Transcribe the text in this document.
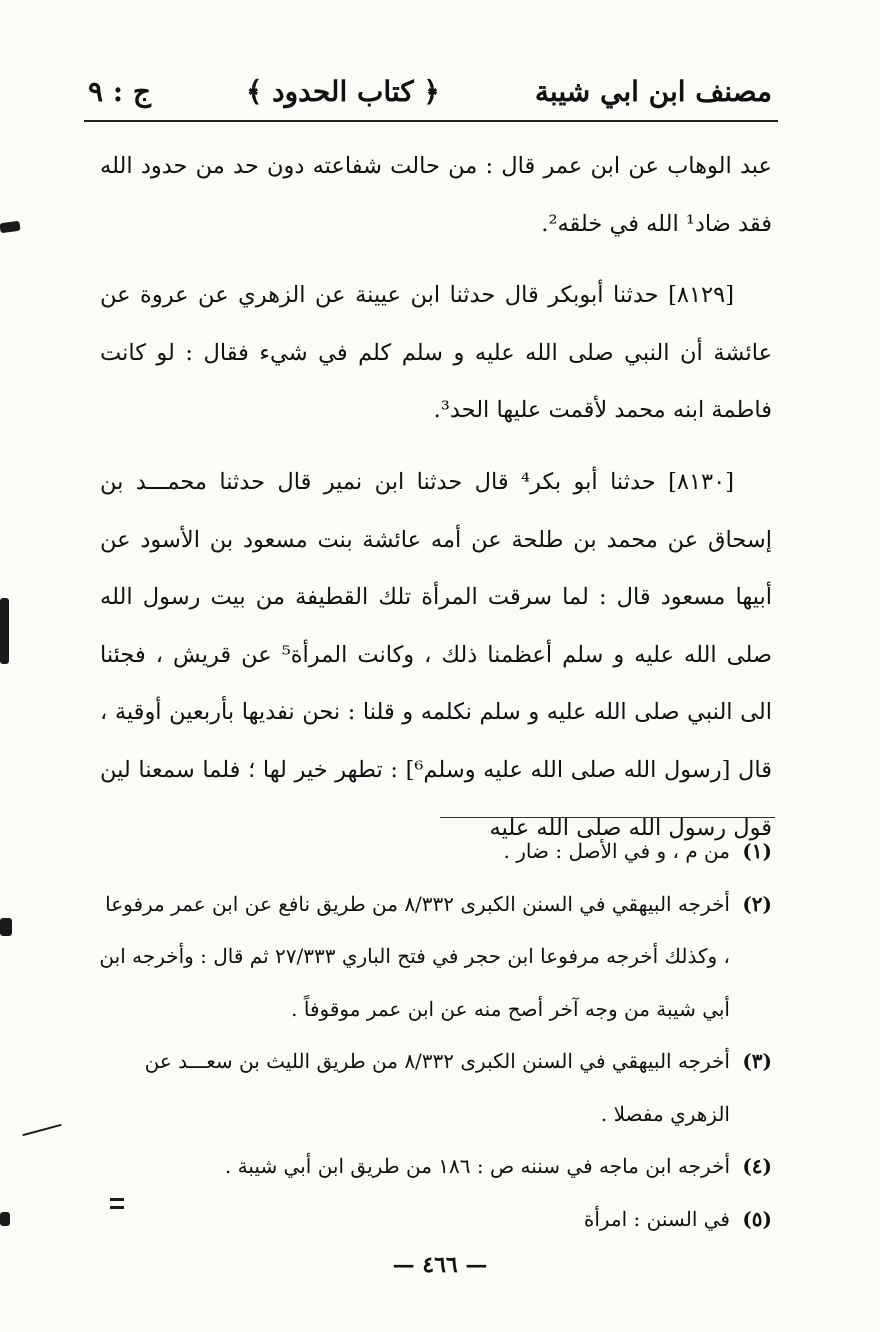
مصنف ابن ابي شيبة
﴿ كتاب الحدود ﴾
ج : ٩

عبد الوهاب عن ابن عمر قال : من حالت شفاعته دون حد من حدود الله فقد ضاد¹ الله في خلقه².

[٨١٢٩] حدثنا أبوبكر قال حدثنا ابن عيينة عن الزهري عن عروة عن عائشة أن النبي صلى الله عليه و سلم كلم في شيء فقال : لو كانت فاطمة ابنه محمد لأقمت عليها الحد³.

[٨١٣٠] حدثنا أبو بكر⁴ قال حدثنا ابن نمير قال حدثنا محمـــد بن إسحاق عن محمد بن طلحة عن أمه عائشة بنت مسعود بن الأسود عن أبيها مسعود قال : لما سرقت المرأة تلك القطيفة من بيت رسول الله صلى الله عليه و سلم أعظمنا ذلك ، وكانت المرأة⁵ عن قريش ، فجئنا الى النبي صلى الله عليه و سلم نكلمه و قلنا : نحن نفديها بأربعين أوقية ، قال [رسول الله صلى الله عليه وسلم⁶] : تطهر خير لها ؛ فلما سمعنا لين قول رسول الله صلى الله عليه

(١)
من م ، و في الأصل : ضار .
(٢)
أخرجه البيهقي في السنن الكبرى ٨/٣٣٢ من طريق نافع عن ابن عمر مرفوعا ، وكذلك أخرجه مرفوعا ابن حجر في فتح الباري ٢٧/٣٣٣ ثم قال : وأخرجه ابن أبي شيبة من وجه آخر أصح منه عن ابن عمر موقوفاً .
(٣)
أخرجه البيهقي في السنن الكبرى ٨/٣٣٢ من طريق الليث بن سعـــد عن الزهري مفصلا .
(٤)
أخرجه ابن ماجه في سننه ص : ١٨٦ من طريق ابن أبي شيبة .
(٥)
في السنن : امرأة
— ٤٦٦ —
